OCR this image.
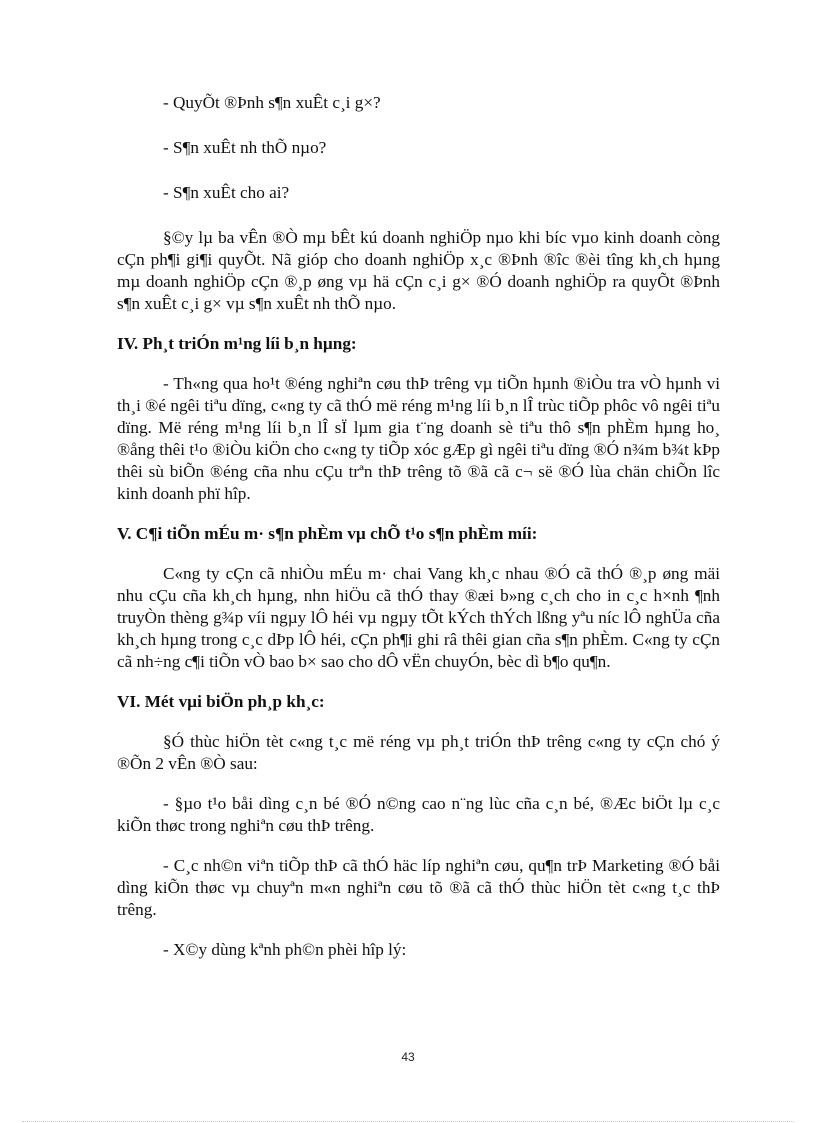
- QuyÕt ®Þnh s¶n xuÊt c¸i g×?

- S¶n xuÊt nh thÕ nµo?

- S¶n xuÊt cho ai?

§©y lµ ba vÊn ®Ò mµ bÊt kú doanh nghiÖp nµo khi bíc vµo kinh doanh còng cÇn ph¶i gi¶i quyÕt. Nã gióp cho doanh nghiÖp x¸c ®Þnh ®îc ®èi tîng kh¸ch hµng mµ doanh nghiÖp cÇn ®¸p øng vµ hä cÇn c¸i g× ®Ó doanh nghiÖp ra quyÕt ®Þnh s¶n xuÊt c¸i g× vµ s¶n xuÊt nh thÕ nµo.

IV. Ph¸t triÓn m¹ng líi b¸n hµng:

- Th«ng qua ho¹t ®éng nghiªn cøu thÞ trêng vµ tiÕn hµnh ®iÒu tra vÒ hµnh vi th¸i ®é ngêi tiªu dïng, c«ng ty cã thÓ më réng m¹ng líi b¸n lÎ trùc tiÕp phôc vô ngêi tiªu dïng. Më réng m¹ng líi b¸n lÎ sÏ lµm gia t¨ng doanh sè tiªu thô s¶n phÈm hµng ho¸ ®ång thêi t¹o ®iÒu kiÖn cho c«ng ty tiÕp xóc gÆp gì ngêi tiªu dïng ®Ó n¾m b¾t kÞp thêi sù biÕn ®éng cña nhu cÇu trªn thÞ trêng tõ ®ã cã c¬ së ®Ó lùa chän chiÕn lîc kinh doanh phï hîp.

V. C¶i tiÕn mÉu m· s¶n phÈm vµ chÕ t¹o s¶n phÈm míi:

C«ng ty cÇn cã nhiÒu mÉu m· chai Vang kh¸c nhau ®Ó cã thÓ ®¸p øng mäi nhu cÇu cña kh¸ch hµng, nhn hiÖu cã thÓ thay ®æi b»ng c¸ch cho in c¸c h×nh ¶nh truyÒn thèng g¾p víi ngµy lÔ héi vµ ngµy tÕt kÝch thÝch lßng yªu níc lÔ nghÜa cña kh¸ch hµng trong c¸c dÞp lÔ héi, cÇn ph¶i ghi râ thêi gian cña s¶n phÈm. C«ng ty cÇn cã nh÷ng c¶i tiÕn vÒ bao b× sao cho dÔ vËn chuyÓn, bèc dì b¶o qu¶n.

VI. Mét vµi biÖn ph¸p kh¸c:

§Ó thùc hiÖn tèt c«ng t¸c më réng vµ ph¸t triÓn thÞ trêng c«ng ty cÇn chó ý ®Õn 2 vÊn ®Ò sau:

- §µo t¹o båi dìng c¸n bé ®Ó n©ng cao n¨ng lùc cña c¸n bé, ®Æc biÖt lµ c¸c kiÕn thøc trong nghiªn cøu thÞ trêng.

- C¸c nh©n viªn tiÕp thÞ cã thÓ häc líp nghiªn cøu, qu¶n trÞ Marketing ®Ó båi dìng kiÕn thøc vµ chuyªn m«n nghiªn cøu tõ ®ã cã thÓ thùc hiÖn tèt c«ng t¸c thÞ trêng.

- X©y dùng kªnh ph©n phèi hîp lý:

43
